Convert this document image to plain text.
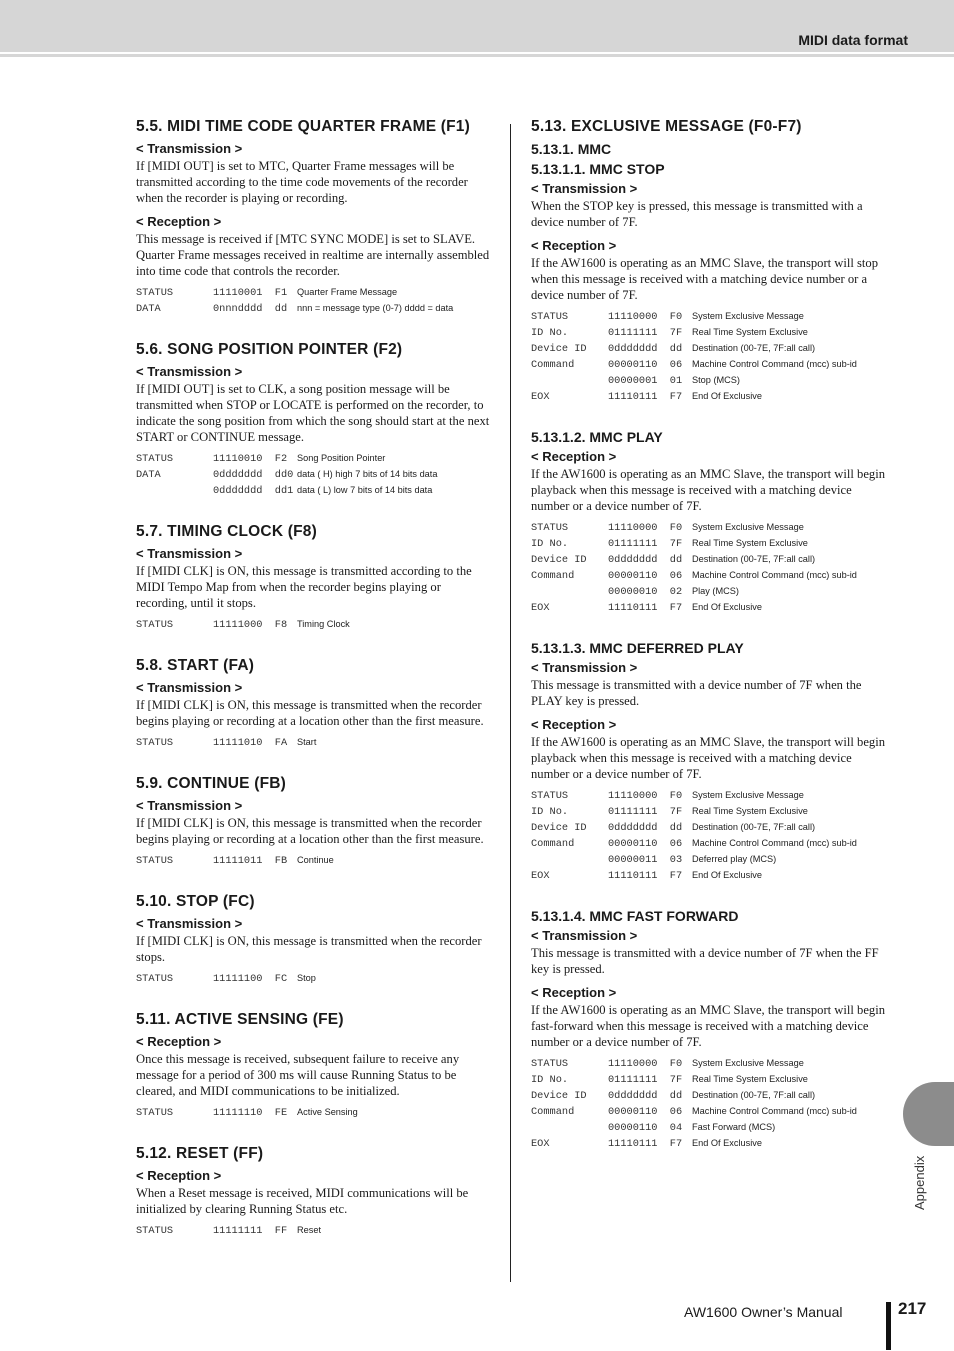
MIDI data format
5.5. MIDI TIME CODE QUARTER FRAME (F1)
< Transmission >
If [MIDI OUT] is set to MTC, Quarter Frame messages will be transmitted according to the time code movements of the recorder when the recorder is playing or recording.
< Reception >
This message is received if [MTC SYNC MODE] is set to SLAVE. Quarter Frame messages received in realtime are internally assembled into time code that controls the recorder.
STATUS	11110001  F1	Quarter Frame Message
DATA	0nnndddd  dd	nnn = message type (0-7) dddd = data
5.6. SONG POSITION POINTER (F2)
< Transmission >
If [MIDI OUT] is set to CLK, a song position message will be transmitted when STOP or LOCATE is performed on the recorder, to indicate the song position from which the song should start at the next START or CONTINUE message.
STATUS	11110010  F2	Song Position Pointer
DATA	0ddddddd  dd0 data ( H) high 7 bits of 14 bits data
0ddddddd  dd1 data ( L) low 7 bits of 14 bits data
5.7. TIMING CLOCK (F8)
< Transmission >
If [MIDI CLK] is ON, this message is transmitted according to the MIDI Tempo Map from when the recorder begins playing or recording, until it stops.
STATUS	11111000  F8	Timing Clock
5.8. START (FA)
< Transmission >
If [MIDI CLK] is ON, this message is transmitted when the recorder begins playing or recording at a location other than the first measure.
STATUS	11111010  FA	Start
5.9. CONTINUE (FB)
< Transmission >
If [MIDI CLK] is ON, this message is transmitted when the recorder begins playing or recording at a location other than the first measure.
STATUS	11111011  FB	Continue
5.10. STOP (FC)
< Transmission >
If [MIDI CLK] is ON, this message is transmitted when the recorder stops.
STATUS	11111100  FC	Stop
5.11. ACTIVE SENSING (FE)
< Reception >
Once this message is received, subsequent failure to receive any message for a period of 300 ms will cause Running Status to be cleared, and MIDI communications to be initialized.
STATUS	11111110  FE	Active Sensing
5.12. RESET (FF)
< Reception >
When a Reset message is received, MIDI communications will be initialized by clearing Running Status etc.
STATUS	11111111  FF	Reset
5.13. EXCLUSIVE MESSAGE (F0-F7)
5.13.1. MMC
5.13.1.1. MMC STOP
< Transmission >
When the STOP key is pressed, this message is transmitted with a device number of 7F.
< Reception >
If the AW1600 is operating as an MMC Slave, the transport will stop when this message is received with a matching device number or a device number of 7F.
STATUS	11110000  F0	System Exclusive Message
ID No.	01111111  7F	Real Time System Exclusive
Device ID	0ddddddd  dd	Destination (00-7E, 7F:all call)
Command	00000110  06	Machine Control Command (mcc) sub-id
00000001  01	Stop (MCS)
EOX	11110111  F7	End Of Exclusive
5.13.1.2. MMC PLAY
< Reception >
If the AW1600 is operating as an MMC Slave, the transport will begin playback when this message is received with a matching device number or a device number of 7F.
STATUS	11110000  F0	System Exclusive Message
ID No.	01111111  7F	Real Time System Exclusive
Device ID	0ddddddd  dd	Destination (00-7E, 7F:all call)
Command	00000110  06	Machine Control Command (mcc) sub-id
00000010  02	Play (MCS)
EOX	11110111  F7	End Of Exclusive
5.13.1.3. MMC DEFERRED PLAY
< Transmission >
This message is transmitted with a device number of 7F when the PLAY key is pressed.
< Reception >
If the AW1600 is operating as an MMC Slave, the transport will begin playback when this message is received with a matching device number or a device number of 7F.
STATUS	11110000  F0	System Exclusive Message
ID No.	01111111  7F	Real Time System Exclusive
Device ID	0ddddddd  dd	Destination (00-7E, 7F:all call)
Command	00000110  06	Machine Control Command (mcc) sub-id
00000011  03	Deferred play (MCS)
EOX	11110111  F7	End Of Exclusive
5.13.1.4. MMC FAST FORWARD
< Transmission >
This message is transmitted with a device number of 7F when the FF key is pressed.
< Reception >
If the AW1600 is operating as an MMC Slave, the transport will begin fast-forward when this message is received with a matching device number or a device number of 7F.
STATUS	11110000  F0	System Exclusive Message
ID No.	01111111  7F	Real Time System Exclusive
Device ID	0ddddddd  dd	Destination (00-7E, 7F:all call)
Command	00000110  06	Machine Control Command (mcc) sub-id
00000110  04	Fast Forward (MCS)
EOX	11110111  F7	End Of Exclusive
Appendix
AW1600 Owner’s Manual	217
